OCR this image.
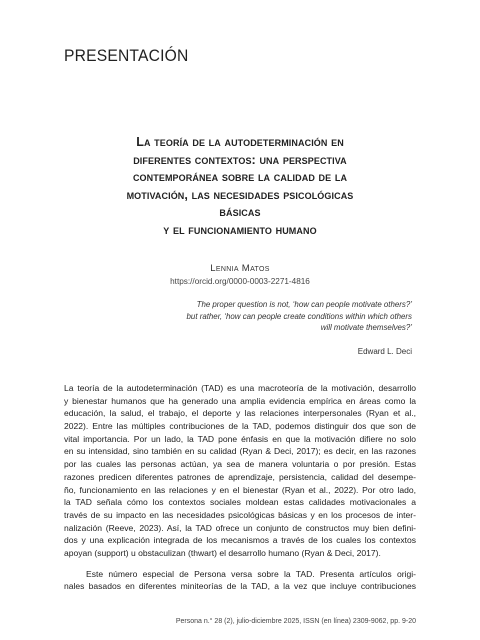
PRESENTACIÓN
La teoría de la autodeterminación en
diferentes contextos: una perspectiva
contemporánea sobre la calidad de la
motivación, las necesidades psicológicas
básicas
y el funcionamiento humano
Lennia Matos
https://orcid.org/0000-0003-2271-4816
The proper question is not, ‘how can people motivate others?’
but rather, ‘how can people create conditions within which others
will motivate themselves?’
Edward L. Deci
La teoría de la autodeterminación (TAD) es una macroteoría de la motivación, desarrollo
y bienestar humanos que ha generado una amplia evidencia empírica en áreas como la
educación, la salud, el trabajo, el deporte y las relaciones interpersonales (Ryan et al.,
2022). Entre las múltiples contribuciones de la TAD, podemos distinguir dos que son de
vital importancia. Por un lado, la TAD pone énfasis en que la motivación difiere no solo
en su intensidad, sino también en su calidad (Ryan & Deci, 2017); es decir, en las razones
por las cuales las personas actúan, ya sea de manera voluntaria o por presión. Estas
razones predicen diferentes patrones de aprendizaje, persistencia, calidad del desempe-
ño, funcionamiento en las relaciones y en el bienestar (Ryan et al., 2022). Por otro lado,
la TAD señala cómo los contextos sociales moldean estas calidades motivacionales a
través de su impacto en las necesidades psicológicas básicas y en los procesos de inter-
nalización (Reeve, 2023). Así, la TAD ofrece un conjunto de constructos muy bien defini-
dos y una explicación integrada de los mecanismos a través de los cuales los contextos
apoyan (support) u obstaculizan (thwart) el desarrollo humano (Ryan & Deci, 2017).
Este número especial de Persona versa sobre la TAD. Presenta artículos origi-
nales basados en diferentes miniteorías de la TAD, a la vez que incluye contribuciones
Persona n.° 28 (2), julio-diciembre 2025, ISSN (en línea) 2309-9062, pp. 9-20
